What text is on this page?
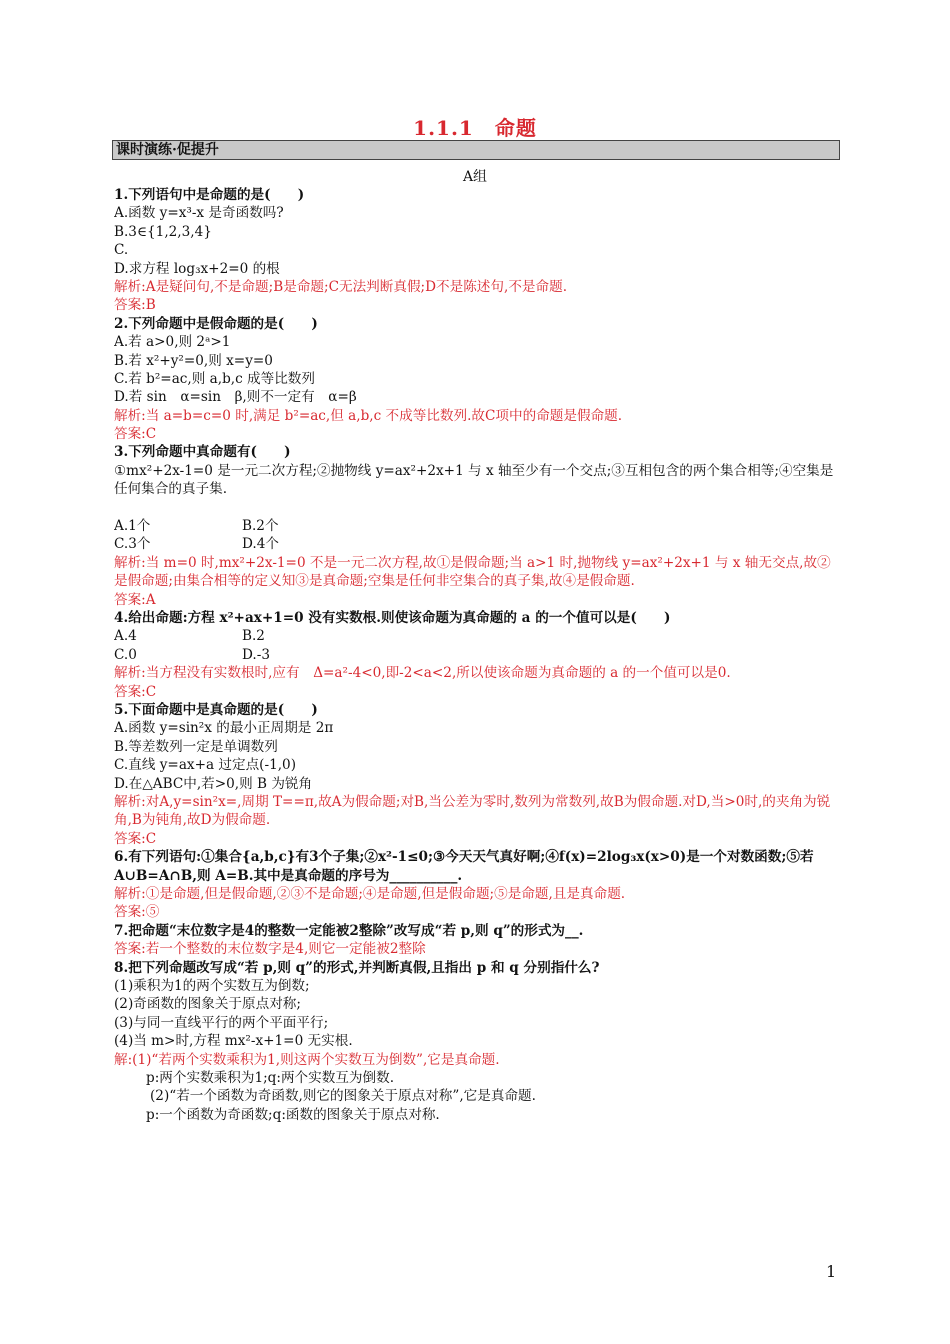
1.1.1　命题
课时演练·促提升
A组
1.下列语句中是命题的是(　　)
A.函数 y=x³-x 是奇函数吗?
B.3∈{1,2,3,4}
C.
D.求方程 log₃x+2=0 的根
解析:A是疑问句,不是命题;B是命题;C无法判断真假;D不是陈述句,不是命题.
答案:B
2.下列命题中是假命题的是(　　)
A.若 a>0,则 2ᵃ>1
B.若 x²+y²=0,则 x=y=0
C.若 b²=ac,则 a,b,c 成等比数列
D.若 sin　α=sin　β,则不一定有　α=β
解析:当 a=b=c=0 时,满足 b²=ac,但 a,b,c 不成等比数列.故C项中的命题是假命题.
答案:C
3.下列命题中真命题有(　　)
①mx²+2x-1=0 是一元二次方程;②抛物线 y=ax²+2x+1 与 x 轴至少有一个交点;③互相包含的两个集合相等;④空集是任何集合的真子集.
A.1个	B.2个
C.3个	D.4个
解析:当 m=0 时,mx²+2x-1=0 不是一元二次方程,故①是假命题;当 a>1 时,抛物线 y=ax²+2x+1 与 x 轴无交点,故②是假命题;由集合相等的定义知③是真命题;空集是任何非空集合的真子集,故④是假命题.
答案:A
4.给出命题:方程 x²+ax+1=0 没有实数根.则使该命题为真命题的 a 的一个值可以是(　　)
A.4	B.2
C.0	D.-3
解析:当方程没有实数根时,应有　Δ=a²-4<0,即-2<a<2,所以使该命题为真命题的 a 的一个值可以是0.
答案:C
5.下面命题中是真命题的是(　　)
A.函数 y=sin²x 的最小正周期是 2π
B.等差数列一定是单调数列
C.直线 y=ax+a 过定点(-1,0)
D.在△ABC中,若>0,则 B 为锐角
解析:对A,y=sin²x=,周期 T==π,故A为假命题;对B,当公差为零时,数列为常数列,故B为假命题.对D,当>0时,的夹角为锐角,B为钝角,故D为假命题.
答案:C
6.有下列语句:①集合{a,b,c}有3个子集;②x²-1≤0;③今天天气真好啊;④f(x)=2log₃x(x>0)是一个对数函数;⑤若 A∪B=A∩B,则 A=B.其中是真命题的序号为__________.
解析:①是命题,但是假命题,②③不是命题;④是命题,但是假命题;⑤是命题,且是真命题.
答案:⑤
7.把命题“末位数字是4的整数一定能被2整除”改写成“若 p,则 q”的形式为__.
答案:若一个整数的末位数字是4,则它一定能被2整除
8.把下列命题改写成“若 p,则 q”的形式,并判断真假,且指出 p 和 q 分别指什么?
(1)乘积为1的两个实数互为倒数;
(2)奇函数的图象关于原点对称;
(3)与同一直线平行的两个平面平行;
(4)当 m>时,方程 mx²-x+1=0 无实根.
解:(1)“若两个实数乘积为1,则这两个实数互为倒数”,它是真命题.
p:两个实数乘积为1;q:两个实数互为倒数.
(2)“若一个函数为奇函数,则它的图象关于原点对称”,它是真命题.
p:一个函数为奇函数;q:函数的图象关于原点对称.
1
